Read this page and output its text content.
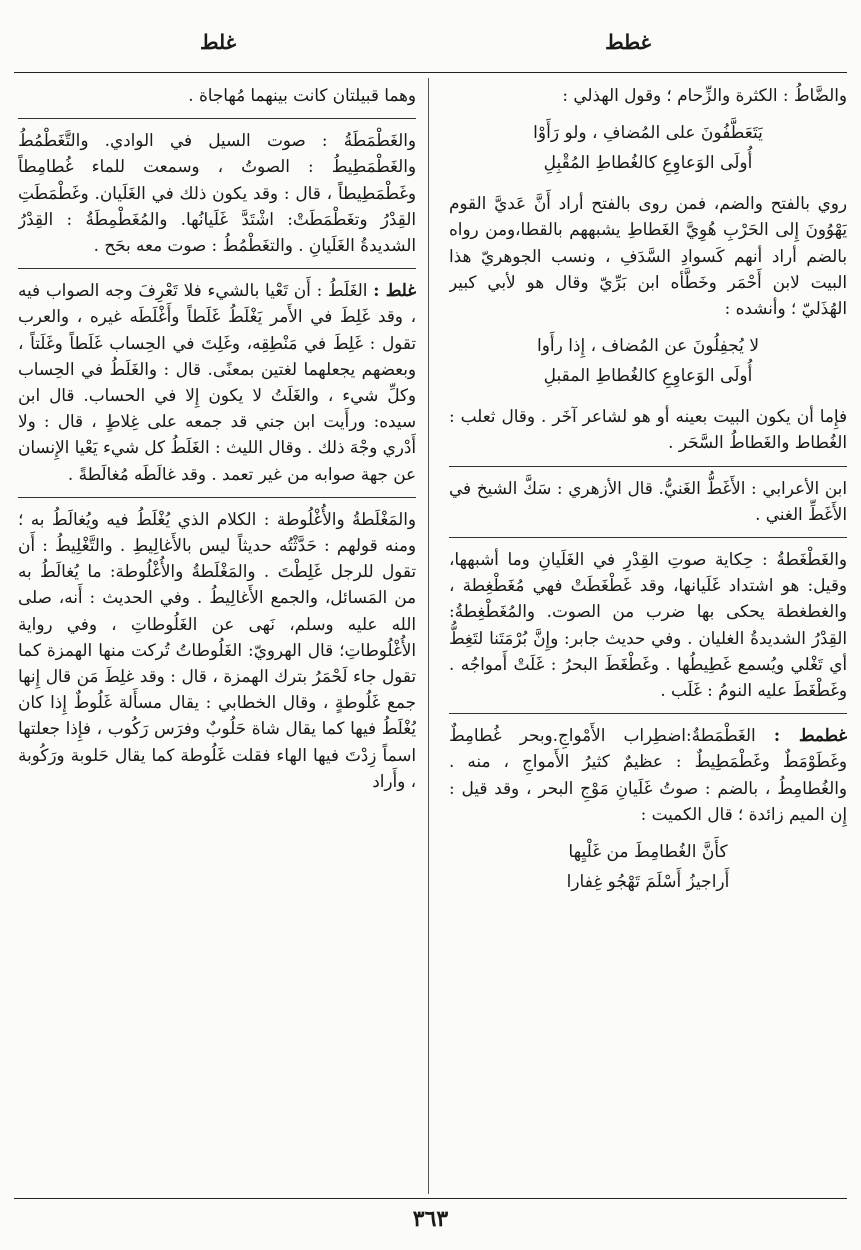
غطط
غلط

والضَّاطُ : الكثرة والزِّحام ؛ وقول الهذلي :

يَتَعَطَّفُونَ على المُضافِ ، ولو رَأَوْا
أُولَى الوَعاوِعِ كالغُطاطِ المُقْبِلِ

روي بالفتح والضم، فمن روى بالفتح أراد أَنَّ عَديَّ القوم يَهْوُونَ إِلى الحَرْبِ هُوِيَّ الغَطاطِ يشبههم بالقطا،ومن رواه بالضم أراد أنهم كَسوادِ السَّدَفِ ، ونسب الجوهريّ هذا البيت لابن أَحْمَر وخَطَّأه ابن بَرِّيّ وقال هو لأبي كبير الهُذَليّ ؛ وأنشده :

لا يُجفِلُونَ عن المُضاف ، إِذا رأَوا
أُولَى الوَعاوِعِ كالغُطاطِ المقبلِ

فإِما أن يكون البيت بعينه أو هو لشاعر آخَر . وقال ثعلب : الغُطاط والغَطاطُ السَّحَر .

ابن الأعرابي : الأَغَطُّ الغَنيُّ. قال الأزهري : سَكَّ الشيخ في الأَغَطِّ الغني .

والغَطْغَطةُ : حِكاية صوتِ القِدْرِ في الغَلَيانِ وما أشبهها، وقيل: هو اشتداد غَلَيانها، وقد غَطْغَطَتْ فهي مُغَطْغِطة ، والغطغطة يحكى بها ضرب من الصوت. والمُغَطْغِطةُ: القِدْرُ الشديدةُ الغليان . وفي حديث جابر: وإِنَّ بُرْمَتَنا لتَغِطُّ أي تَغْلي ويُسمع غَطِيطُها . وغَطْغَطَ البحرُ : غَلَتْ أَمواجُه . وغَطْغَطَ عليه النومُ : غَلَب .

غطمط : الغَطْمَطةُ:اضطِراب الأَمْواجِ.وبحر غُطامِطٌ وغَطَوْمَطٌ وغَطْمَطِيطٌ : عظيمٌ كثيرُ الأَمواجِ ، منه . والغُطامِطُ ، بالضم : صوتُ غَلَيانِ مَوْجِ البحر ، وقد قيل : إِن الميم زائدة ؛ قال الكميت :

كأَنَّ الغُطامِطَ من غَلْيِها
أَراجيزُ أَسْلَمَ تَهْجُو غِفارا

وهما قبيلتان كانت بينهما مُهاجاة .

والغَطْمَطَةُ : صوت السيل في الوادي. والتَّغَطْمُطُ والغَطْمَطِيطُ : الصوتُ ، وسمعت للماء غُطامِطاً وغَطْمَطِيطاً ، قال : وقد يكون ذلك في الغَلَيان. وغَطْمَطَتِ القِدْرُ وتغَطْمَطَتْ: اشْتَدَّ غَلَيانُها. والمُغَطْمِطَةُ : القِدْرُ الشديدةُ الغَلَيانِ . والتغَطْمُطُ : صوت معه بحَح .

غلط : الغَلَطُ : أَن تَعْيا بالشيء فلا تَعْرِفَ وجه الصواب فيه ، وقد غَلِطَ في الأَمر يَغْلَطُ غَلَطاً وأَغْلَطَه غيره ، والعرب تقول : غَلِطَ في مَنْطِقِه، وغَلِتَ في الحِساب غَلَطاً وغَلَتاً ، وبعضهم يجعلهما لغتين بمعنًى. قال : والغَلَطُ في الحِساب وكلِّ شيء ، والغَلَتُ لا يكون إِلا في الحساب. قال ابن سيده: ورأَيت ابن جني قد جمعه على غِلاطٍ ، قال : ولا أَدْري وجْهَ ذلك . وقال الليث : الغَلَطُ كل شيء يَعْيا الإِنسان عن جهة صوابه من غير تعمد . وقد غالَطَه مُغالَطةً .

والمَغْلَطةُ والأُغْلُوطة : الكلام الذي يُغْلَطُ فيه ويُغالَطُ به ؛ ومنه قولهم : حَدَّثْتُه حديثاً ليس بالأَغالِيطِ . والتَّغْلِيطُ : أَن تقول للرجل غَلِطْتَ . والمَغْلَطةُ والأُغْلُوطة: ما يُغالَطُ به من المَسائل، والجمع الأَغالِيطُ . وفي الحديث : أَنه، صلى الله عليه وسلم، نَهى عن الغَلُوطاتِ ، وفي رواية الأُغْلُوطاتِ؛ قال الهرويّ: الغَلُوطاتُ تُركت منها الهمزة كما تقول جاء لَحْمَرُ بترك الهمزة ، قال : وقد غلِطَ مَن قال إِنها جمع غَلُوطةٍ ، وقال الخطابي : يقال مسأَلة غَلُوطٌ إِذا كان يُغْلَطُ فيها كما يقال شاة حَلُوبٌ وفرَس رَكُوب ، فإِذا جعلتها اسماً زِدْتَ فيها الهاء فقلت غَلُوطة كما يقال حَلوبة ورَكُوبة ، وأَراد

٣٦٣
